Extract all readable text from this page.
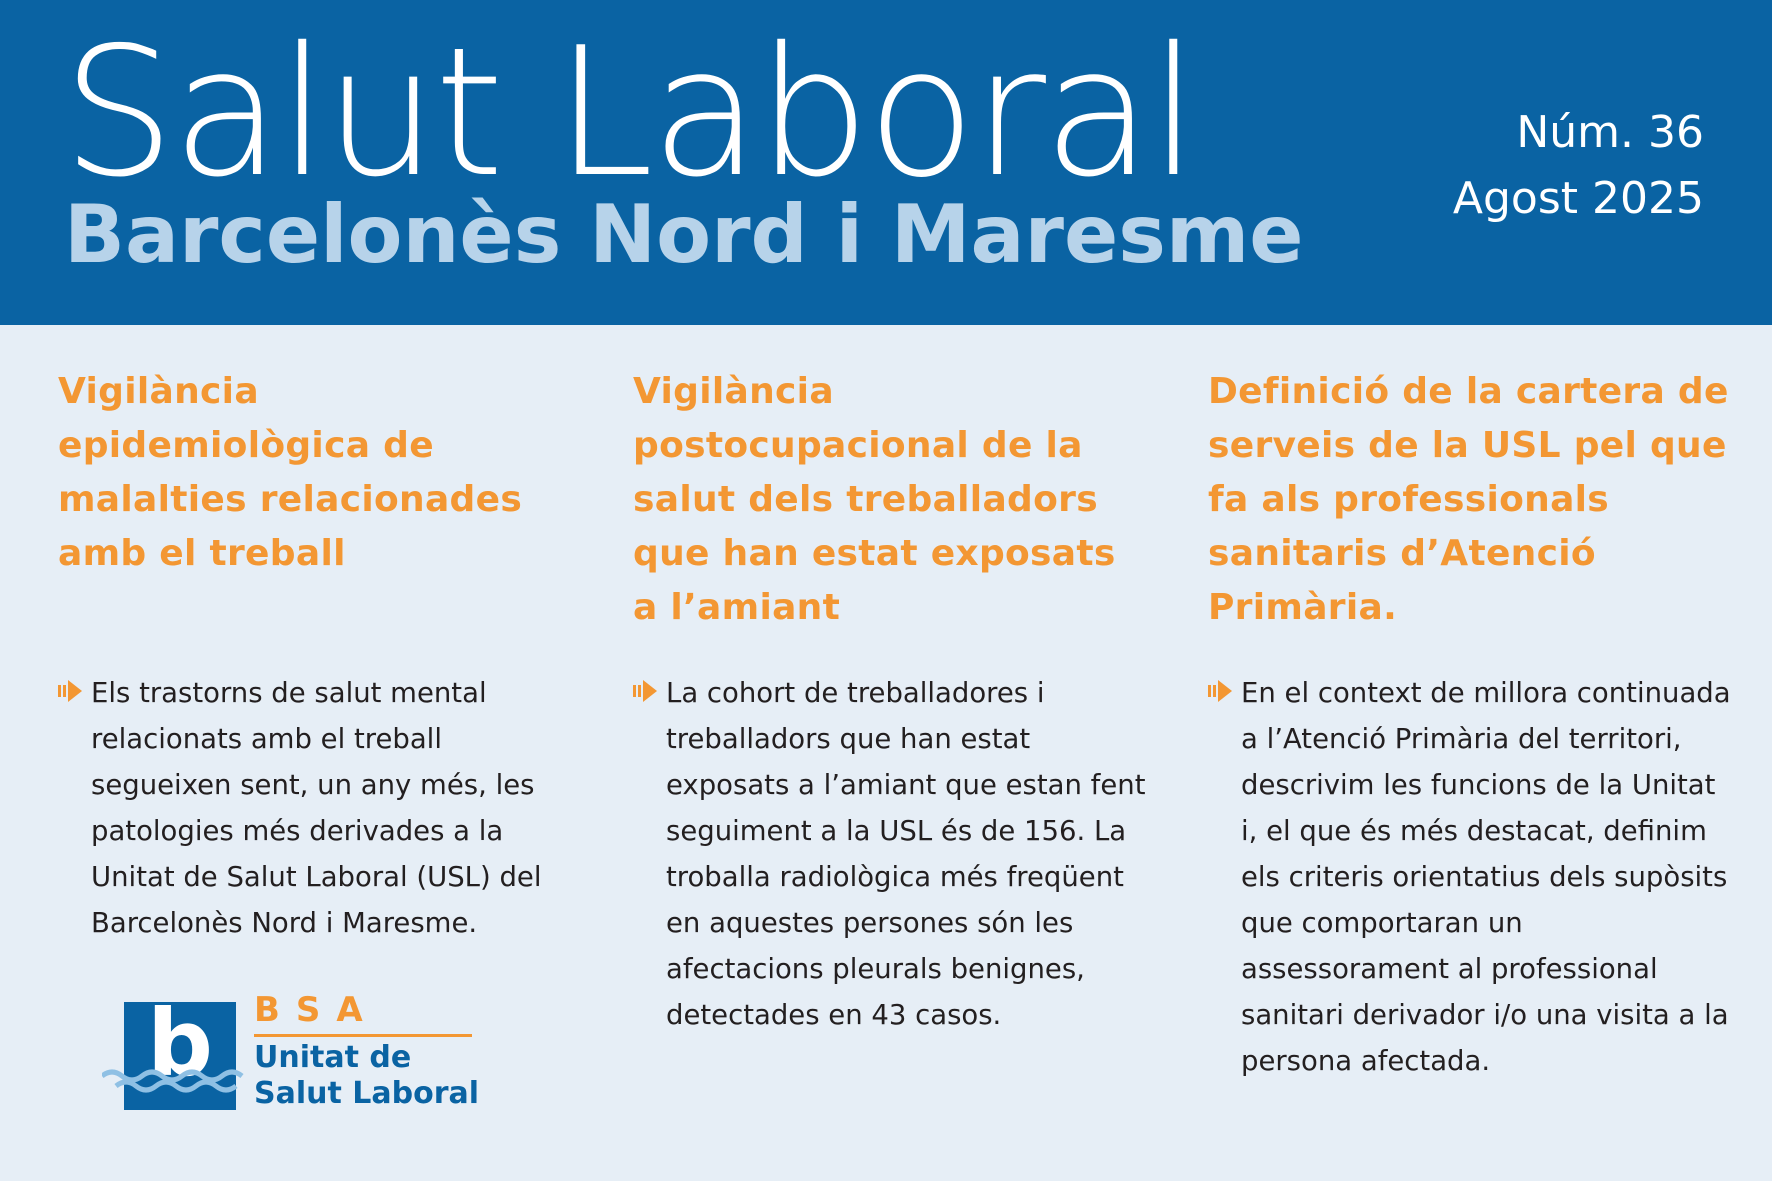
Salut Laboral
Barcelonès Nord i Maresme
Núm. 36
Agost 2025
Vigilància epidemiològica de malalties relacionades amb el treball

Els trastorns de salut mental relacionats amb el treball segueixen sent, un any més, les patologies més derivades a la Unitat de Salut Laboral (USL) del Barcelonès Nord i Maresme.

Vigilància postocupacional de la salut dels treballadors que han estat exposats a l’amiant

La cohort de treballadores i treballadors que han estat exposats a l’amiant que estan fent seguiment a la USL és de 156. La troballa radiològica més freqüent en aquestes persones són les afectacions pleurals benignes, detectades en 43 casos.

Definició de la cartera de serveis de la USL pel que fa als professionals sanitaris d’Atenció Primària.

En el context de millora continuada a l’Atenció Primària del territori, descrivim les funcions de la Unitat i, el que és més destacat, definim els criteris orientatius dels supòsits que comportaran un assessorament al professional sanitari derivador i/o una visita a la persona afectada.

b	BSA
Unitat de
Salut Laboral
